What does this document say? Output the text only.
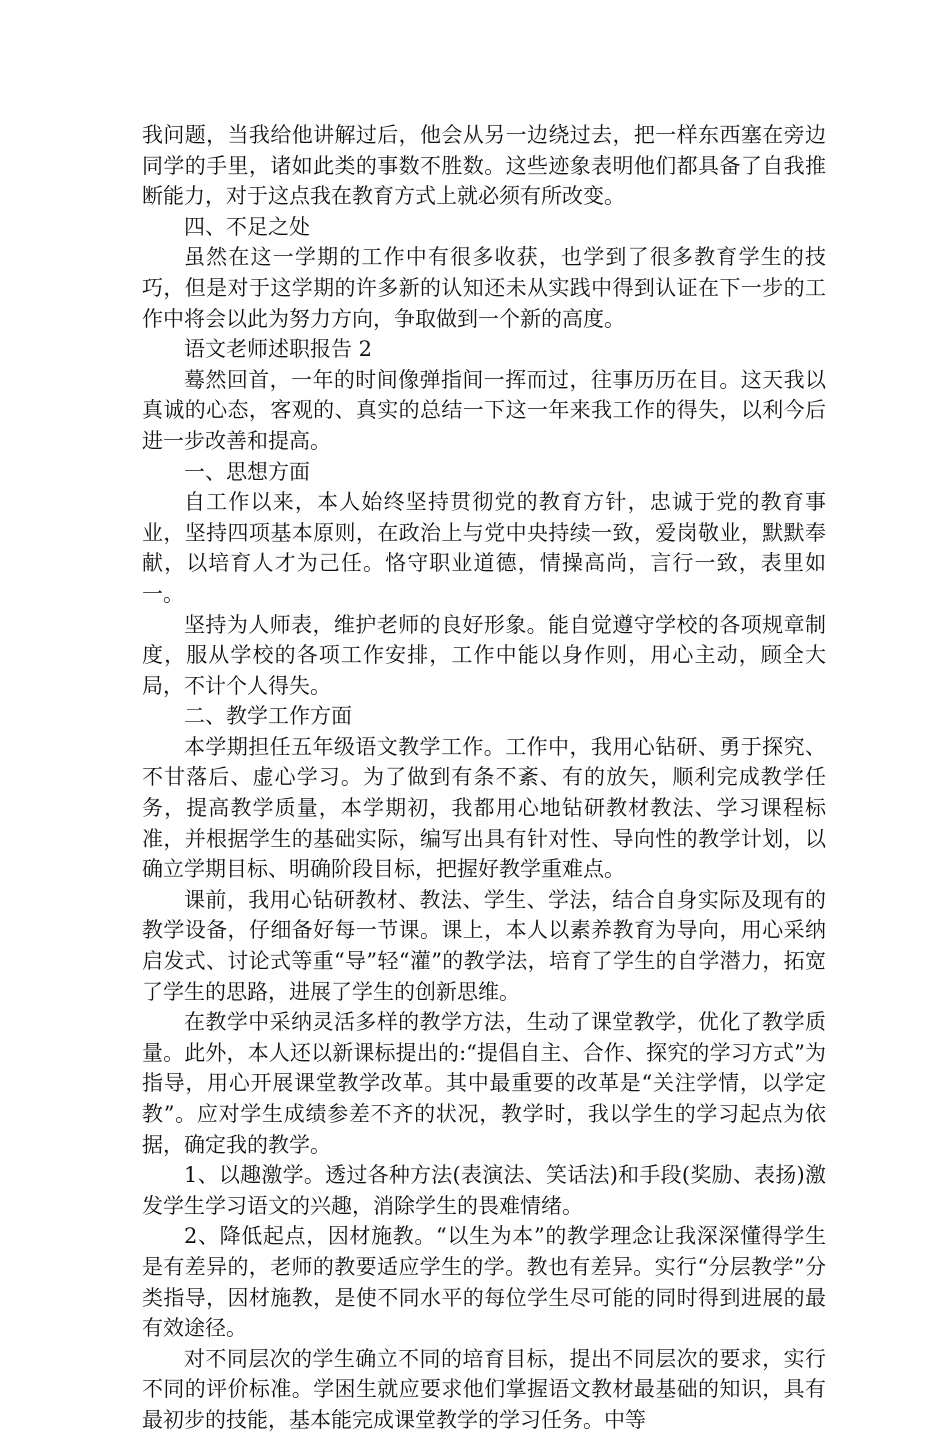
我问题，当我给他讲解过后，他会从另一边绕过去，把一样东西塞在旁边同学的手里，诸如此类的事数不胜数。这些迹象表明他们都具备了自我推断能力，对于这点我在教育方式上就必须有所改变。

四、不足之处

虽然在这一学期的工作中有很多收获，也学到了很多教育学生的技巧，但是对于这学期的许多新的认知还未从实践中得到认证在下一步的工作中将会以此为努力方向，争取做到一个新的高度。

语文老师述职报告 2

蓦然回首，一年的时间像弹指间一挥而过，往事历历在目。这天我以真诚的心态，客观的、真实的总结一下这一年来我工作的得失，以利今后进一步改善和提高。

一、思想方面

自工作以来，本人始终坚持贯彻党的教育方针，忠诚于党的教育事业，坚持四项基本原则，在政治上与党中央持续一致，爱岗敬业，默默奉献，以培育人才为己任。恪守职业道德，情操高尚，言行一致，表里如一。

坚持为人师表，维护老师的良好形象。能自觉遵守学校的各项规章制度，服从学校的各项工作安排，工作中能以身作则，用心主动，顾全大局，不计个人得失。

二、教学工作方面

本学期担任五年级语文教学工作。工作中，我用心钻研、勇于探究、不甘落后、虚心学习。为了做到有条不紊、有的放矢，顺利完成教学任务，提高教学质量，本学期初，我都用心地钻研教材教法、学习课程标准，并根据学生的基础实际，编写出具有针对性、导向性的教学计划，以确立学期目标、明确阶段目标，把握好教学重难点。

课前，我用心钻研教材、教法、学生、学法，结合自身实际及现有的教学设备，仔细备好每一节课。课上，本人以素养教育为导向，用心采纳启发式、讨论式等重“导”轻“灌”的教学法，培育了学生的自学潜力，拓宽了学生的思路，进展了学生的创新思维。

在教学中采纳灵活多样的教学方法，生动了课堂教学，优化了教学质量。此外，本人还以新课标提出的:“提倡自主、合作、探究的学习方式”为指导，用心开展课堂教学改革。其中最重要的改革是“关注学情，以学定教”。应对学生成绩参差不齐的状况，教学时，我以学生的学习起点为依据，确定我的教学。

1、以趣激学。透过各种方法(表演法、笑话法)和手段(奖励、表扬)激发学生学习语文的兴趣，消除学生的畏难情绪。

2、降低起点，因材施教。“以生为本”的教学理念让我深深懂得学生是有差异的，老师的教要适应学生的学。教也有差异。实行“分层教学”分类指导，因材施教，是使不同水平的每位学生尽可能的同时得到进展的最有效途径。

对不同层次的学生确立不同的培育目标，提出不同层次的要求，实行不同的评价标准。学困生就应要求他们掌握语文教材最基础的知识，具有最初步的技能，基本能完成课堂教学的学习任务。中等
